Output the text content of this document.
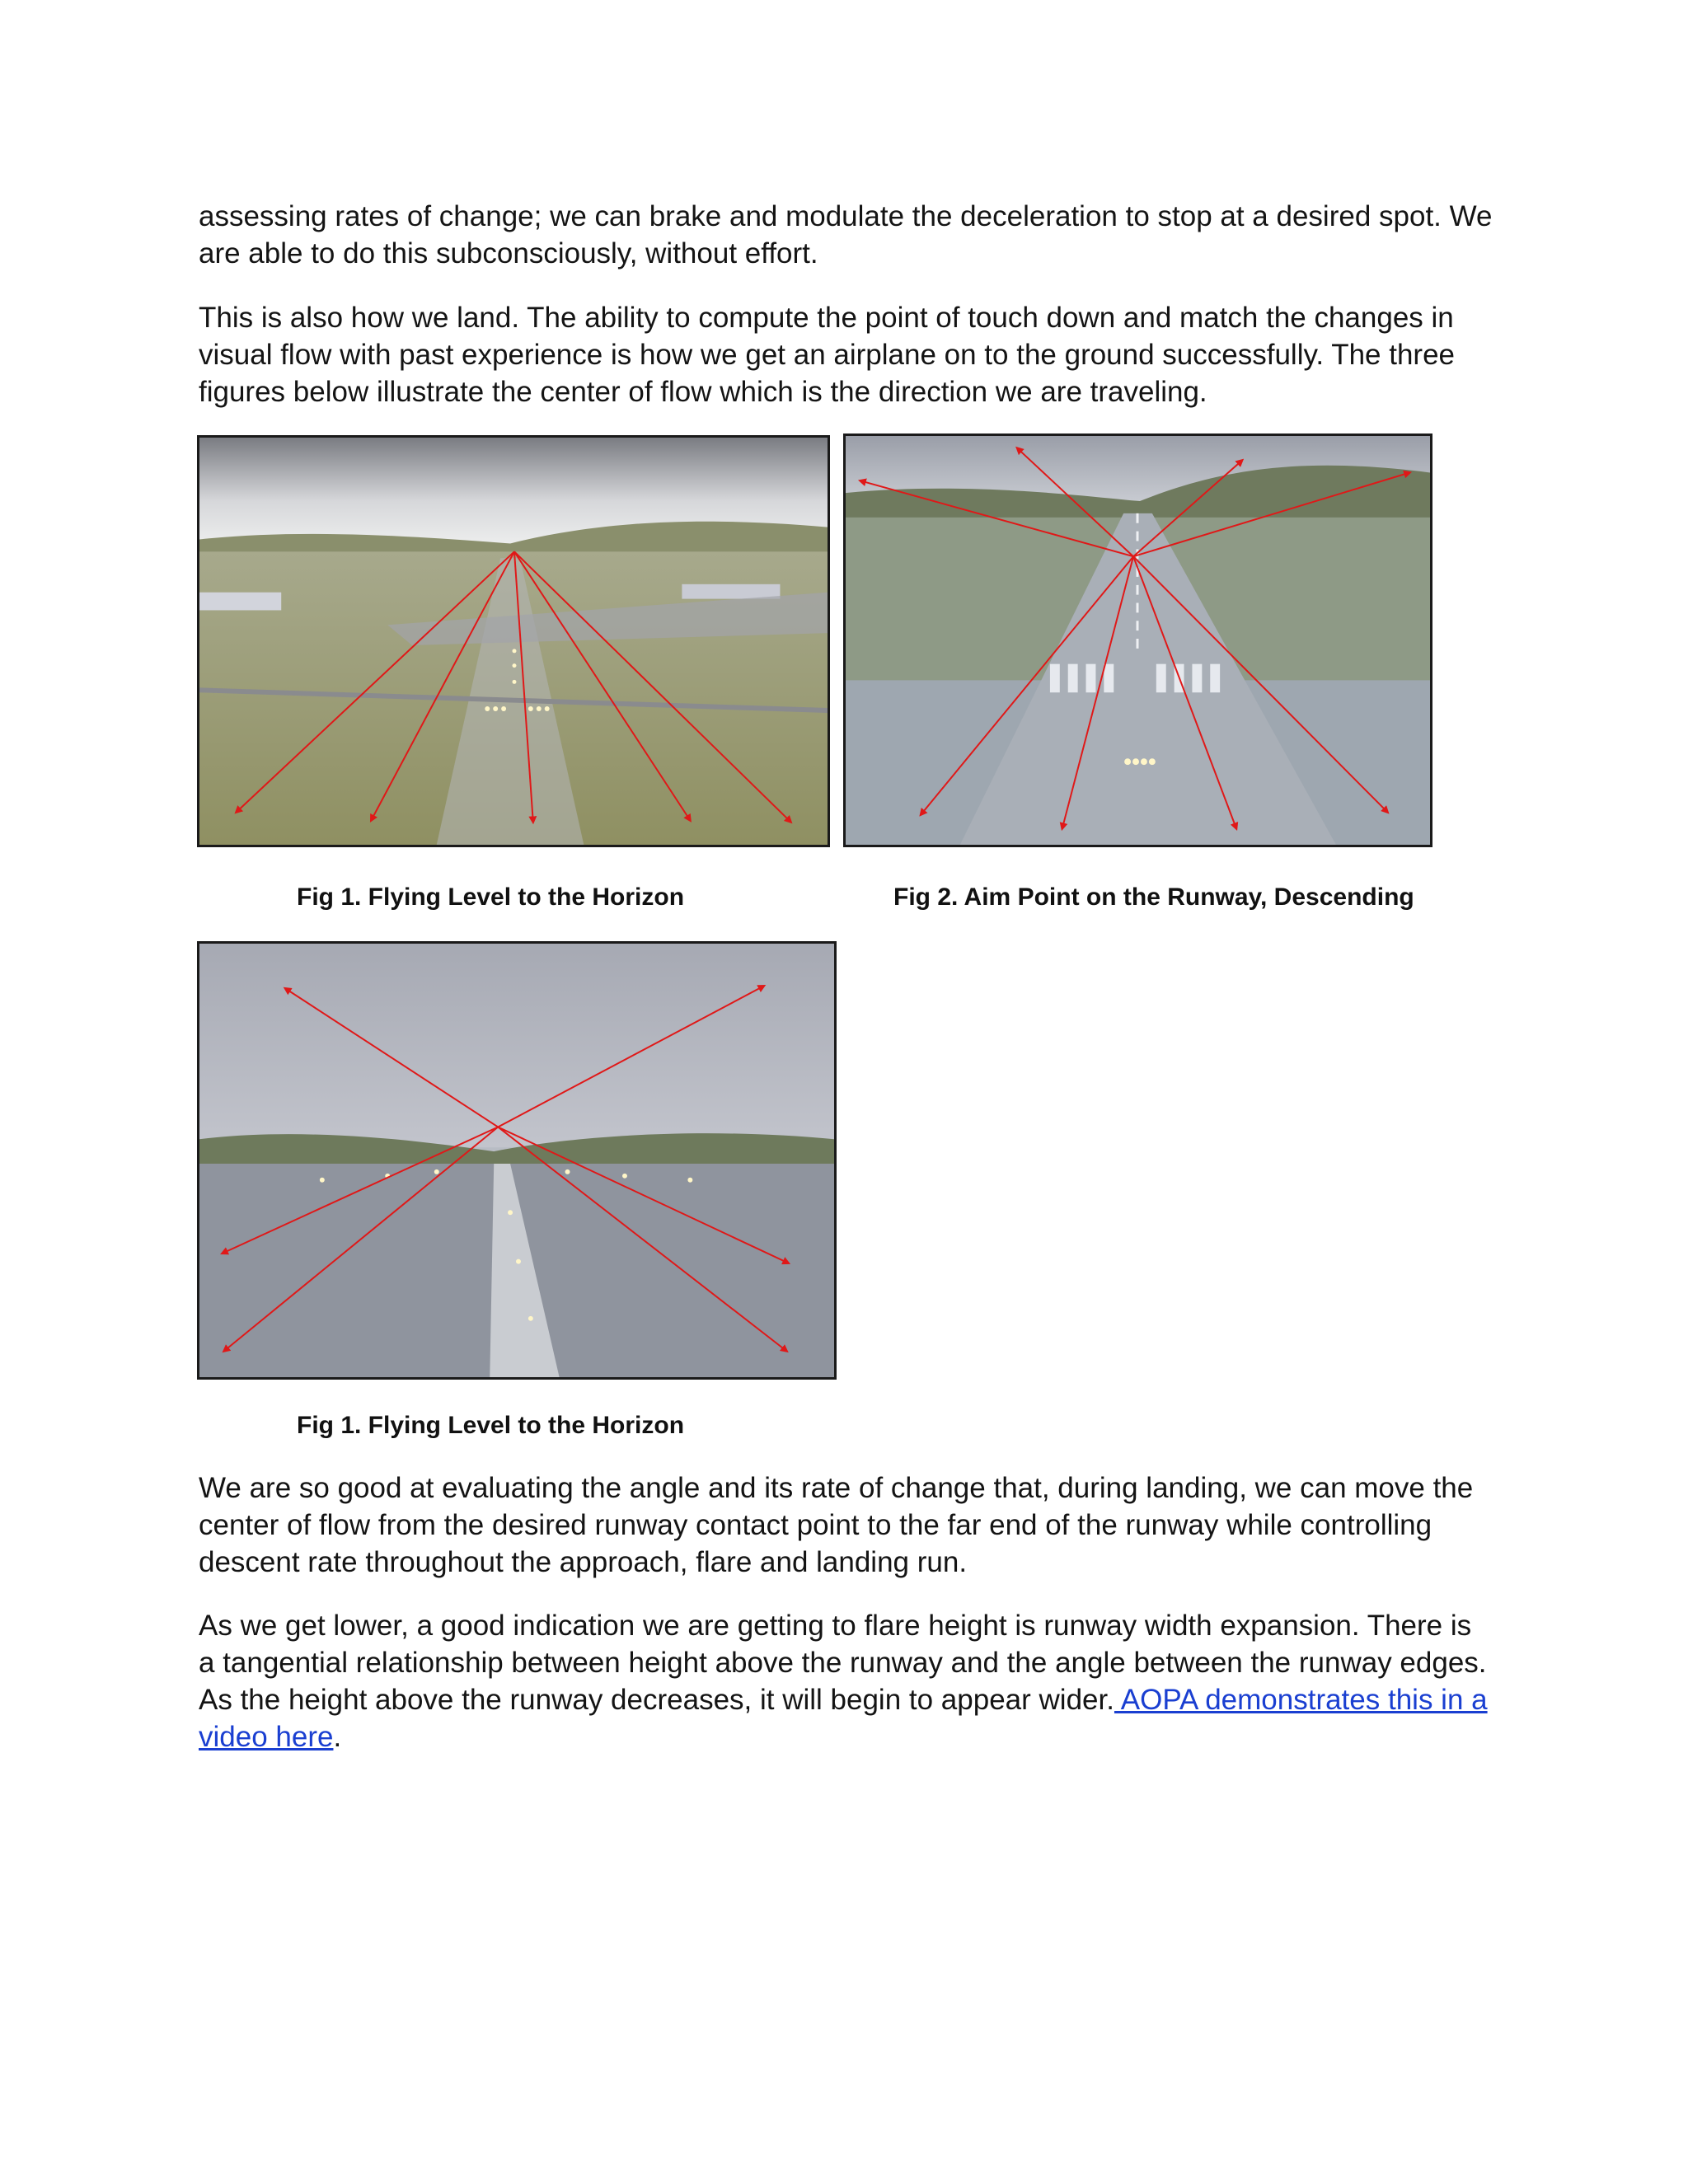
assessing rates of change; we can brake and modulate the deceleration to stop at a desired spot. We are able to do this subconsciously, without effort.

This is also how we land. The ability to compute the point of touch down and match the changes in visual flow with past experience is how we get an airplane on to the ground successfully. The three figures below illustrate the center of flow which is the direction we are traveling.

Fig 1. Flying Level to the Horizon	Fig 2. Aim Point on the Runway, Descending

Fig 1. Flying Level to the Horizon

We are so good at evaluating the angle and its rate of change that, during landing, we can move the center of flow from the desired runway contact point to the far end of the runway while controlling descent rate throughout the approach, flare and landing run.

As we get lower, a good indication we are getting to flare height is runway width expansion. There is a tangential relationship between height above the runway and the angle between the runway edges. As the height above the runway decreases, it will begin to appear wider. AOPA demonstrates this in a video here.
